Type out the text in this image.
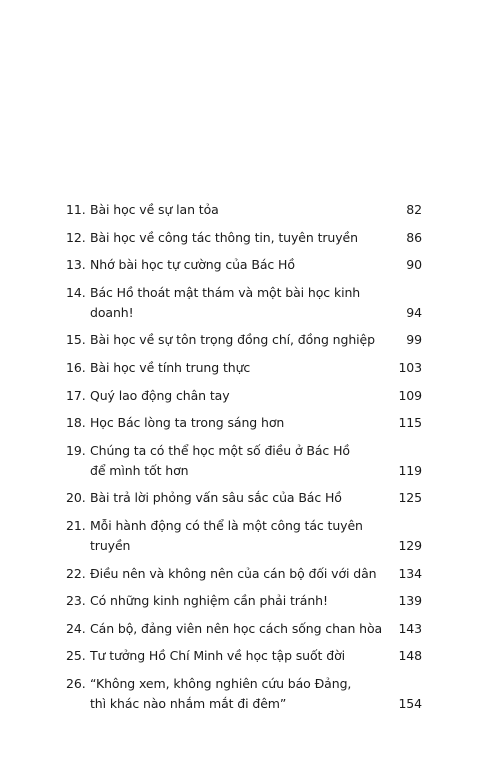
11. Bài học về sự lan tỏa	82
12. Bài học về công tác thông tin, tuyên truyền	86
13. Nhớ bài học tự cường của Bác Hồ	90
14. Bác Hồ thoát mật thám và một bài học kinh doanh!	94
15. Bài học về sự tôn trọng đồng chí, đồng nghiệp	99
16. Bài học về tính trung thực	103
17. Quý lao động chân tay	109
18. Học Bác lòng ta trong sáng hơn	115
19. Chúng ta có thể học một số điều ở Bác Hồ
để mình tốt hơn	119
20. Bài trả lời phỏng vấn sâu sắc của Bác Hồ	125
21. Mỗi hành động có thể là một công tác tuyên truyền	129
22. Điều nên và không nên của cán bộ đối với dân	134
23. Có những kinh nghiệm cần phải tránh!	139
24. Cán bộ, đảng viên nên học cách sống chan hòa	143
25. Tư tưởng Hồ Chí Minh về học tập suốt đời	148
26. “Không xem, không nghiên cứu báo Đảng,
thì khác nào nhắm mắt đi đêm”	154
